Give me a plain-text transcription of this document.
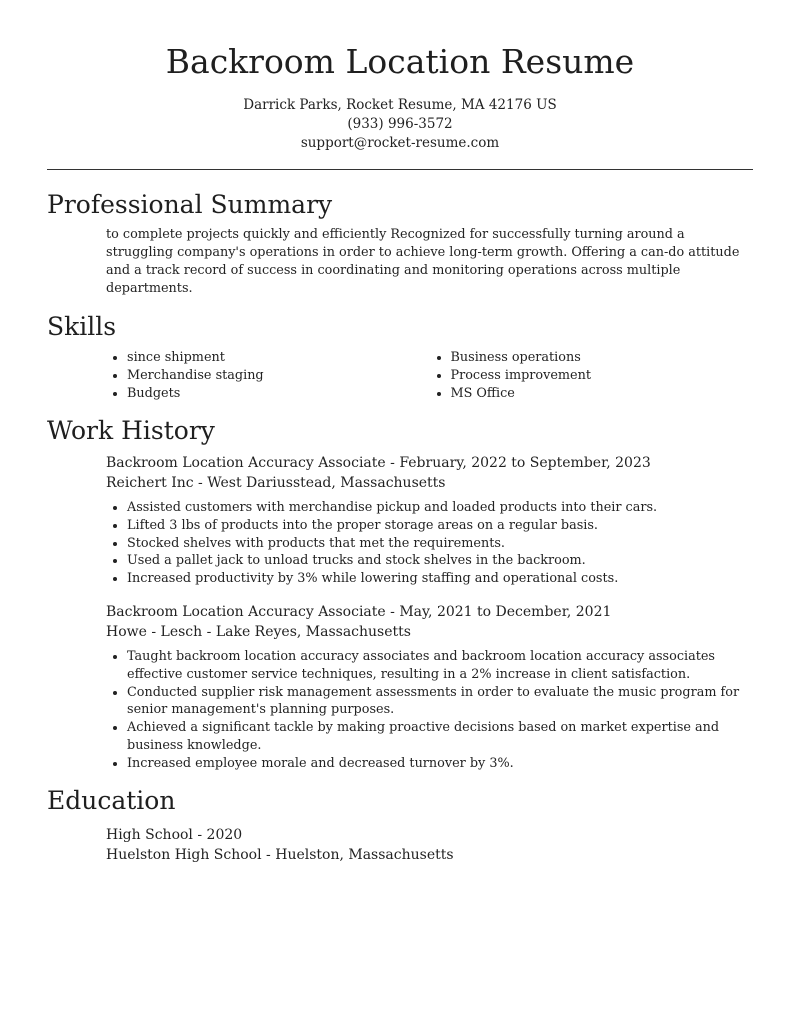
Backroom Location Resume
Darrick Parks, Rocket Resume, MA 42176 US
(933) 996-3572
support@rocket-resume.com
Professional Summary

to complete projects quickly and efficiently Recognized for successfully turning around a struggling company's operations in order to achieve long-term growth. Offering a can-do attitude and a track record of success in coordinating and monitoring operations across multiple departments.

Skills
• since shipment
• Merchandise staging
• Budgets
• Business operations
• Process improvement
• MS Office
Work History
Backroom Location Accuracy Associate - February, 2022 to September, 2023
Reichert Inc - West Dariusstead, Massachusetts
• Assisted customers with merchandise pickup and loaded products into their cars.
• Lifted 3 lbs of products into the proper storage areas on a regular basis.
• Stocked shelves with products that met the requirements.
• Used a pallet jack to unload trucks and stock shelves in the backroom.
• Increased productivity by 3% while lowering staffing and operational costs.
Backroom Location Accuracy Associate - May, 2021 to December, 2021
Howe - Lesch - Lake Reyes, Massachusetts
• Taught backroom location accuracy associates and backroom location accuracy associates effective customer service techniques, resulting in a 2% increase in client satisfaction.
• Conducted supplier risk management assessments in order to evaluate the music program for senior management's planning purposes.
• Achieved a significant tackle by making proactive decisions based on market expertise and business knowledge.
• Increased employee morale and decreased turnover by 3%.
Education
High School - 2020
Huelston High School - Huelston, Massachusetts
